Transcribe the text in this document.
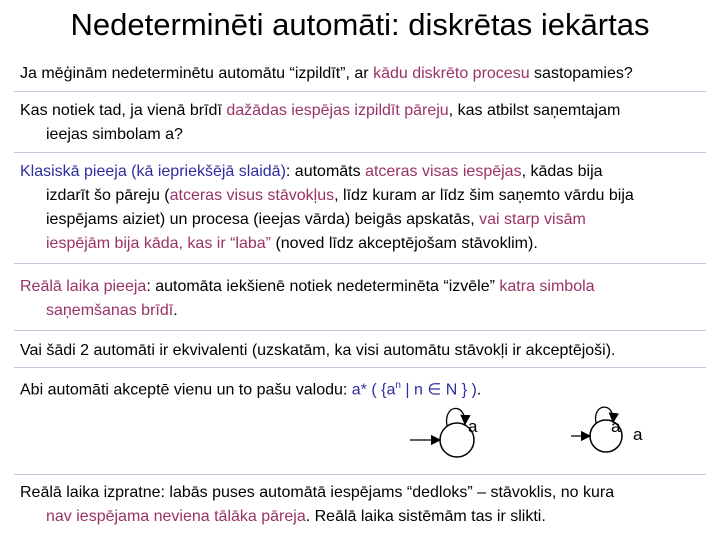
Nedeterminēti automāti: diskrētas iekārtas
Ja mēģinām nedeterminētu automātu “izpildīt”, ar kādu diskrēto procesu sastopamies?
Kas notiek tad, ja vienā brīdī dažādas iespējas izpildīt pāreju, kas atbilst saņemtajam
ieejas simbolam a?
Klasiskā pieeja (kā iepriekšējā slaidā): automāts atceras visas iespējas, kādas bija
izdarīt šo pāreju (atceras visus stāvokļus, līdz kuram ar līdz šim saņemto vārdu bija
iespējams aiziet) un procesa (ieejas vārda) beigās apskatās, vai starp visām
iespējām bija kāda, kas ir “laba” (noved līdz akceptējošam stāvoklim).
Reālā laika pieeja: automāta iekšienē notiek nedeterminēta “izvēle” katra simbola
saņemšanas brīdī.
Vai šādi 2 automāti ir ekvivalenti (uzskatām, ka visi automātu stāvokļi ir akceptējoši).
Abi automāti akceptē vienu un to pašu valodu: a* ( {$a^n$ | n ∈ N } ).
a	a a
Reālā laika izpratne: labās puses automātā iespējams “dedloks” – stāvoklis, no kura
nav iespējama neviena tālāka pāreja. Reālā laika sistēmām tas ir slikti.
